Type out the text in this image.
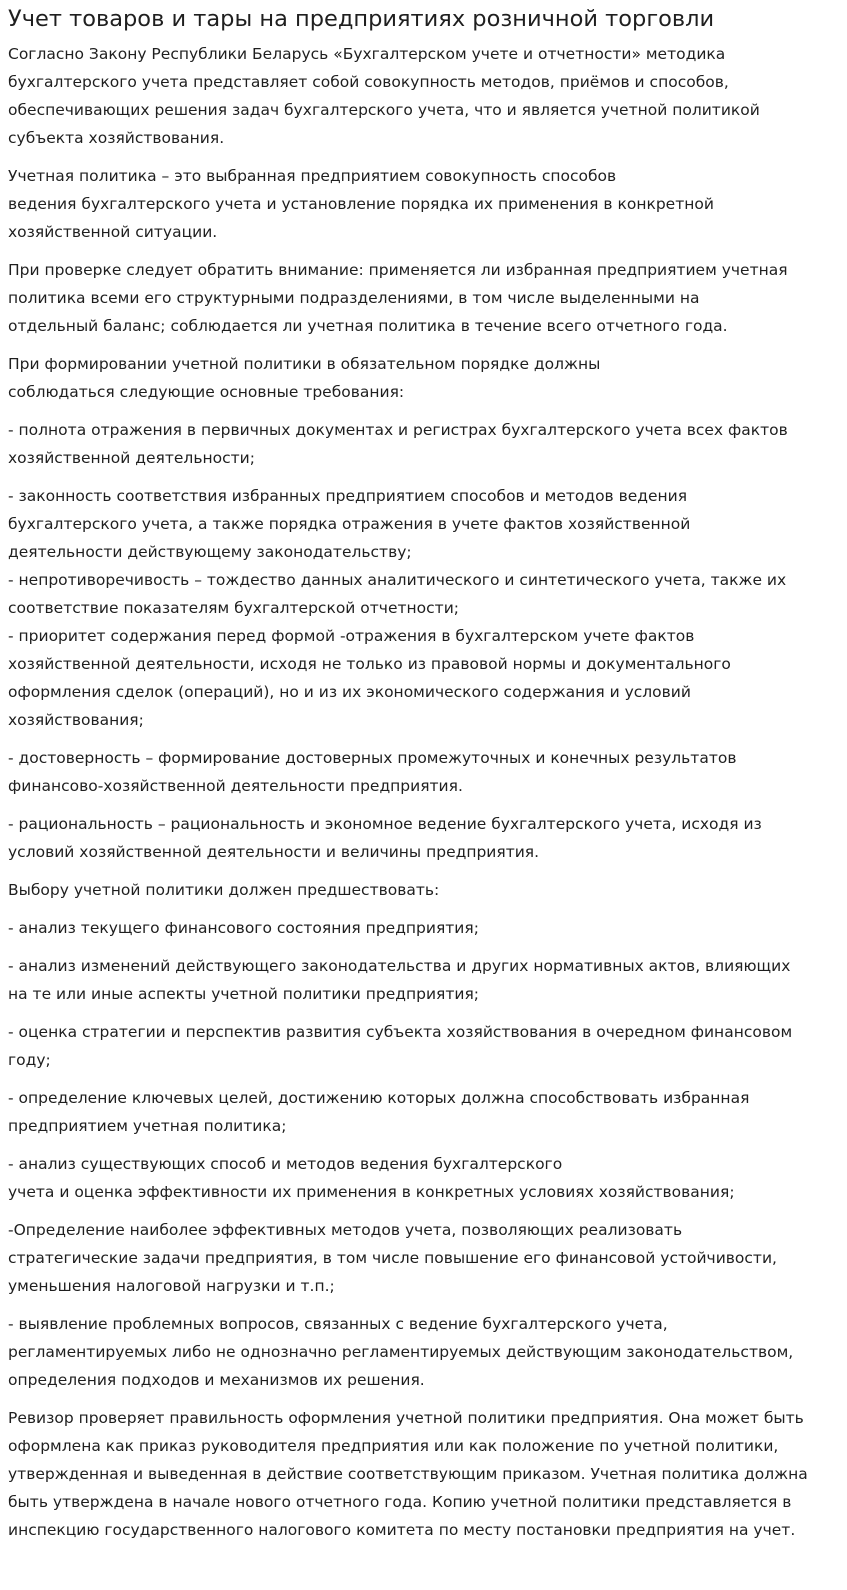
Учет товаров и тары на предприятиях розничной торговли
Согласно Закону Республики Беларусь «Бухгалтерском учете и отчетности» методика
бухгалтерского учета представляет собой совокупность методов, приёмов и способов,
обеспечивающих решения задач бухгалтерского учета, что и является учетной политикой
субъекта хозяйствования.
Учетная политика – это выбранная предприятием совокупность способов
ведения бухгалтерского учета и установление порядка их применения в конкретной
хозяйственной ситуации.
При проверке следует обратить внимание: применяется ли избранная предприятием учетная
политика всеми его структурными подразделениями, в том числе выделенными на
отдельный баланс; соблюдается ли учетная политика в течение всего отчетного года.
При формировании учетной политики в обязательном порядке должны
соблюдаться следующие основные требования:
- полнота отражения в первичных документах и регистрах бухгалтерского учета всех фактов
хозяйственной деятельности;
- законность соответствия избранных предприятием способов и методов ведения
бухгалтерского учета, а также порядка отражения в учете фактов хозяйственной
деятельности действующему законодательству;
- непротиворечивость – тождество данных аналитического и синтетического учета, также их
соответствие показателям бухгалтерской отчетности;
- приоритет содержания перед формой -отражения в бухгалтерском учете фактов
хозяйственной деятельности, исходя не только из правовой нормы и документального
оформления сделок (операций), но и из их экономического содержания и условий
хозяйствования;
- достоверность – формирование достоверных промежуточных и конечных результатов
финансово-хозяйственной деятельности предприятия.
- рациональность – рациональность и экономное ведение бухгалтерского учета, исходя из
условий хозяйственной деятельности и величины предприятия.
Выбору учетной политики должен предшествовать:
- анализ текущего финансового состояния предприятия;
- анализ изменений действующего законодательства и других нормативных актов, влияющих
на те или иные аспекты учетной политики предприятия;
- оценка стратегии и перспектив развития субъекта хозяйствования в очередном финансовом
году;
- определение ключевых целей, достижению которых должна способствовать избранная
предприятием учетная политика;
- анализ существующих способ и методов ведения бухгалтерского
учета и оценка эффективности их применения в конкретных условиях хозяйствования;
-Определение наиболее эффективных методов учета, позволяющих реализовать
стратегические задачи предприятия, в том числе повышение его финансовой устойчивости,
уменьшения налоговой нагрузки и т.п.;
- выявление проблемных вопросов, связанных с ведение бухгалтерского учета,
регламентируемых либо не однозначно регламентируемых действующим законодательством,
определения подходов и механизмов их решения.
Ревизор проверяет правильность оформления учетной политики предприятия. Она может быть
оформлена как приказ руководителя предприятия или как положение по учетной политики,
утвержденная и выведенная в действие соответствующим приказом. Учетная политика должна
быть утверждена в начале нового отчетного года. Копию учетной политики представляется в
инспекцию государственного налогового комитета по месту постановки предприятия на учет.
